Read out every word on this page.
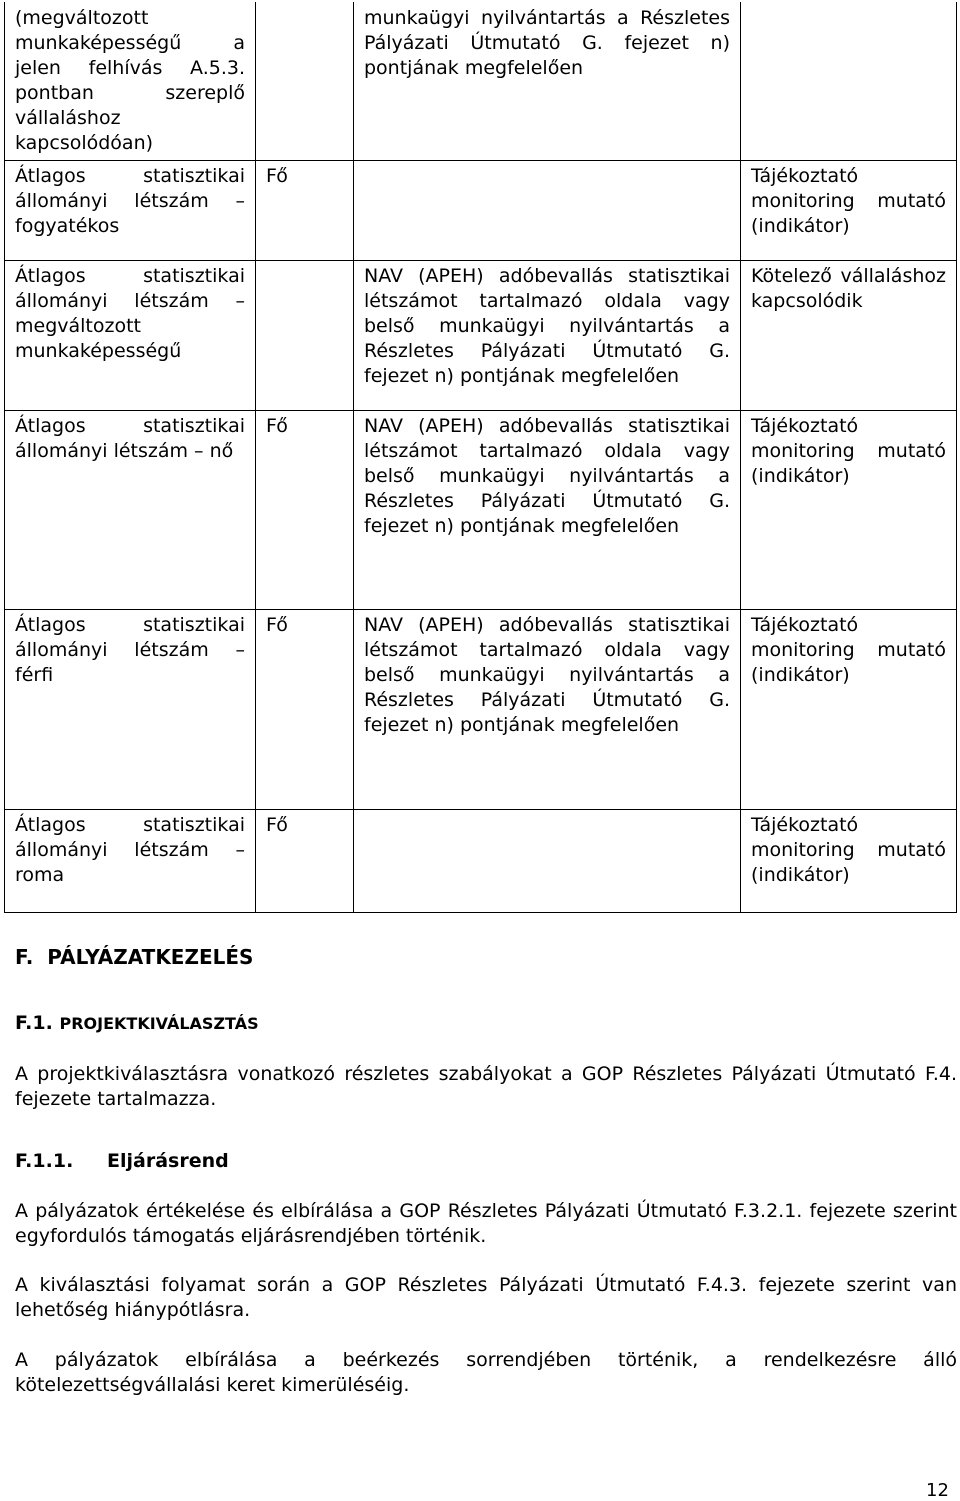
(megváltozott munkaképességű a jelen felhívás A.5.3. pontban szereplő vállaláshoz kapcsolódóan)		munkaügyi nyilvántartás a Részletes Pályázati Útmutató G. fejezet n) pontjának megfelelően	
Átlagos statisztikai állományi létszám – fogyatékos	Fő		Tájékoztató monitoring mutató (indikátor)
Átlagos statisztikai állományi létszám – megváltozott munkaképességű		NAV (APEH) adóbevallás statisztikai létszámot tartalmazó oldala vagy belső munkaügyi nyilvántartás a Részletes Pályázati Útmutató G. fejezet n) pontjának megfelelően	Kötelező vállaláshoz kapcsolódik
Átlagos statisztikai állományi létszám – nő	Fő	NAV (APEH) adóbevallás statisztikai létszámot tartalmazó oldala vagy belső munkaügyi nyilvántartás a Részletes Pályázati Útmutató G. fejezet n) pontjának megfelelően	Tájékoztató monitoring mutató (indikátor)
Átlagos statisztikai állományi létszám – férfi	Fő	NAV (APEH) adóbevallás statisztikai létszámot tartalmazó oldala vagy belső munkaügyi nyilvántartás a Részletes Pályázati Útmutató G. fejezet n) pontjának megfelelően	Tájékoztató monitoring mutató (indikátor)
Átlagos statisztikai állományi létszám – roma	Fő		Tájékoztató monitoring mutató (indikátor)
F. PÁLYÁZATKEZELÉS
F.1. PROJEKTKIVÁLASZTÁS

A projektkiválasztásra vonatkozó részletes szabályokat a GOP Részletes Pályázati Útmutató F.4. fejezete tartalmazza.

F.1.1. Eljárásrend

A pályázatok értékelése és elbírálása a GOP Részletes Pályázati Útmutató F.3.2.1. fejezete szerint egyfordulós támogatás eljárásrendjében történik.

A kiválasztási folyamat során a GOP Részletes Pályázati Útmutató F.4.3. fejezete szerint van lehetőség hiánypótlásra.

A pályázatok elbírálása a beérkezés sorrendjében történik, a rendelkezésre álló kötelezettségvállalási keret kimerüléséig.

12
